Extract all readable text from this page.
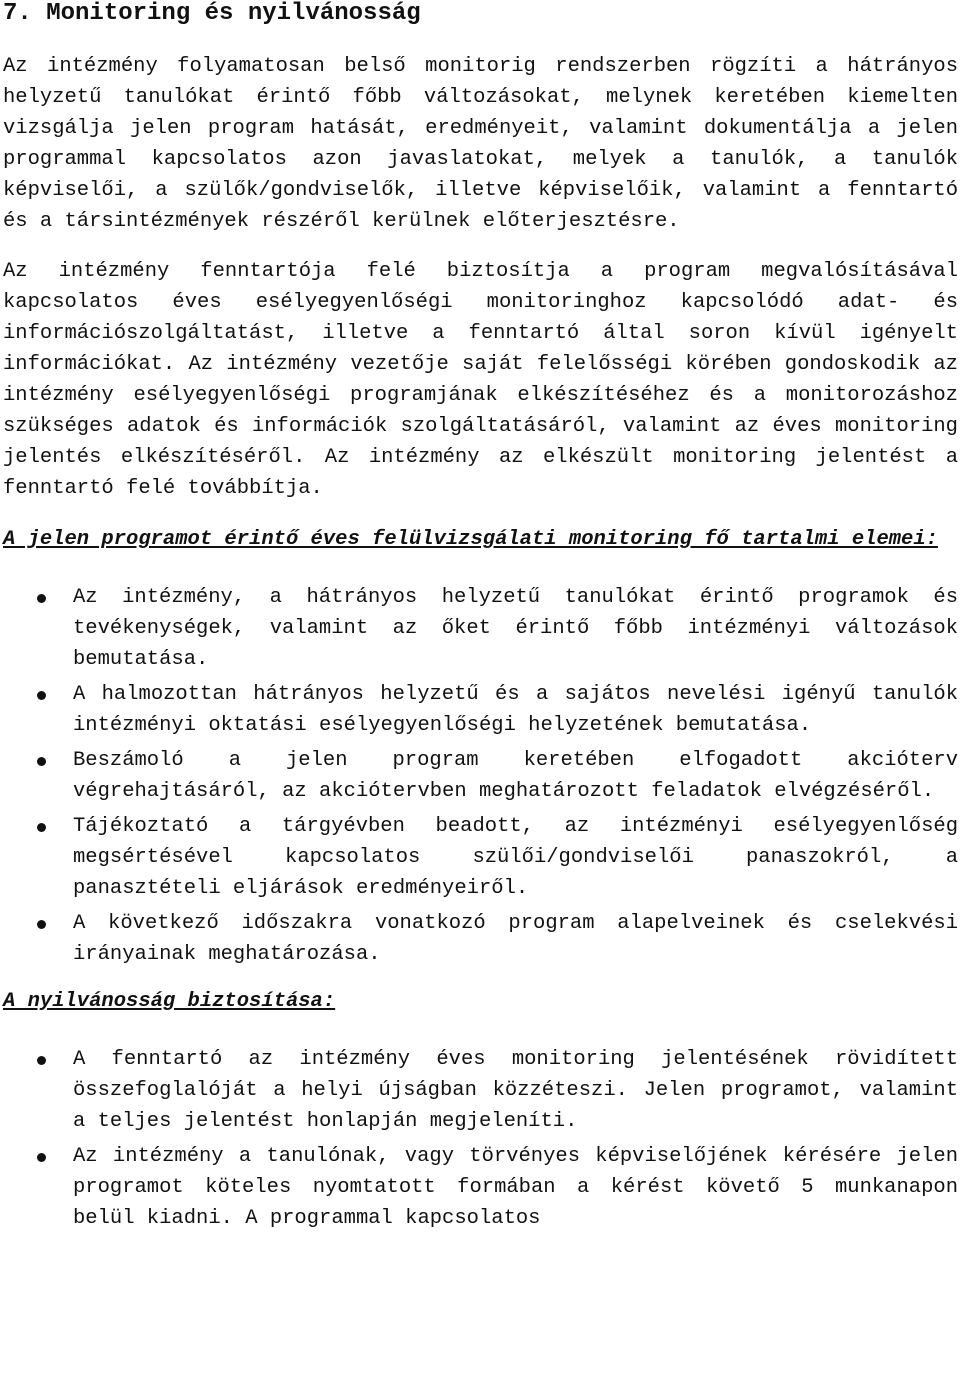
7. Monitoring és nyilvánosság

Az intézmény folyamatosan belső monitorig rendszerben rögzíti a hátrányos helyzetű tanulókat érintő főbb változásokat, melynek keretében kiemelten vizsgálja jelen program hatását, eredményeit, valamint dokumentálja a jelen programmal kapcsolatos azon javaslatokat, melyek a tanulók, a tanulók képviselői, a szülők/gondviselők, illetve képviselőik, valamint a fenntartó és a társintézmények részéről kerülnek előterjesztésre.

Az intézmény fenntartója felé biztosítja a program megvalósításával kapcsolatos éves esélyegyenlőségi monitoringhoz kapcsolódó adat- és információszolgáltatást, illetve a fenntartó által soron kívül igényelt információkat. Az intézmény vezetője saját felelősségi körében gondoskodik az intézmény esélyegyenlőségi programjának elkészítéséhez és a monitorozáshoz szükséges adatok és információk szolgáltatásáról, valamint az éves monitoring jelentés elkészítéséről. Az intézmény az elkészült monitoring jelentést a fenntartó felé továbbítja.

A jelen programot érintő éves felülvizsgálati monitoring fő tartalmi elemei:
Az intézmény, a hátrányos helyzetű tanulókat érintő programok és tevékenységek, valamint az őket érintő főbb intézményi változások bemutatása.
A halmozottan hátrányos helyzetű és a sajátos nevelési igényű tanulók intézményi oktatási esélyegyenlőségi helyzetének bemutatása.
Beszámoló a jelen program keretében elfogadott akcióterv végrehajtásáról, az akciótervben meghatározott feladatok elvégzéséről.
Tájékoztató a tárgyévben beadott, az intézményi esélyegyenlőség megsértésével kapcsolatos szülői/gondviselői panaszokról, a panasztételi eljárások eredményeiről.
A következő időszakra vonatkozó program alapelveinek és cselekvési irányainak meghatározása.
A nyilvánosság biztosítása:
A fenntartó az intézmény éves monitoring jelentésének rövidített összefoglalóját a helyi újságban közzéteszi. Jelen programot, valamint a teljes jelentést honlapján megjeleníti.
Az intézmény a tanulónak, vagy törvényes képviselőjének kérésére jelen programot köteles nyomtatott formában a kérést követő 5 munkanapon belül kiadni. A programmal kapcsolatos
